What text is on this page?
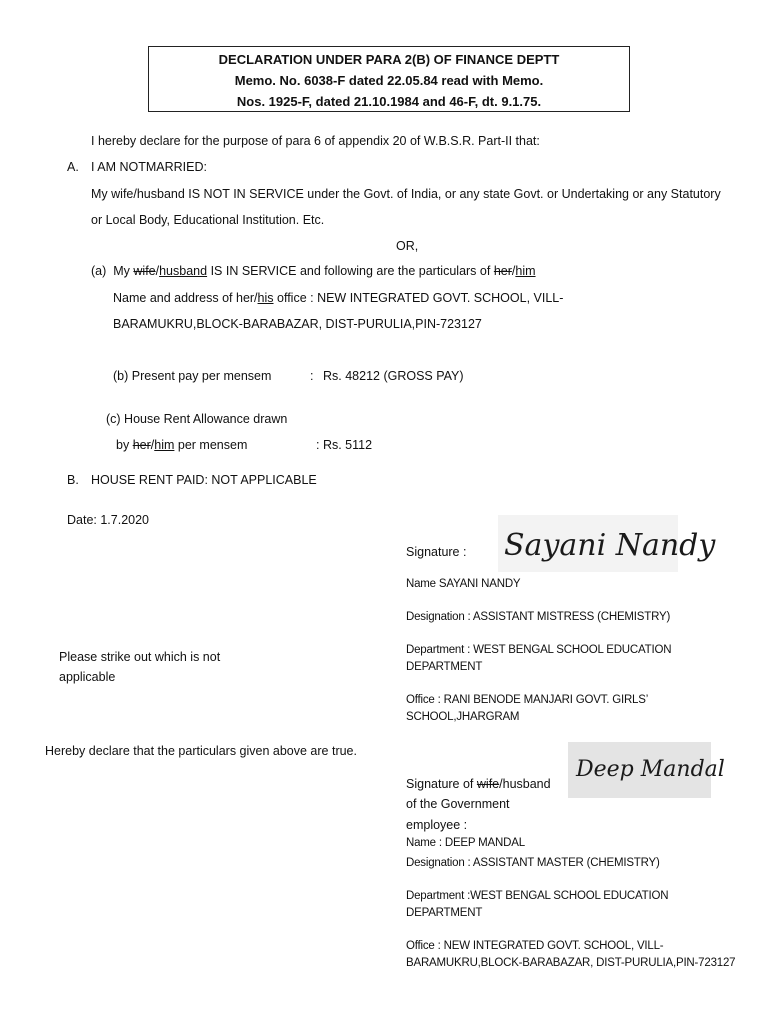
DECLARATION UNDER PARA 2(B) OF FINANCE DEPTT
Memo. No. 6038-F dated 22.05.84 read with Memo.
Nos. 1925-F, dated 21.10.1984 and 46-F, dt. 9.1.75.
I hereby declare for the purpose of para 6 of appendix 20 of W.B.S.R. Part-II that:
A. I AM NOTMARRIED:
My wife/husband IS NOT IN SERVICE under the Govt. of India, or any state Govt. or Undertaking or any Statutory
or Local Body, Educational Institution. Etc.
OR,
(a) My wife/husband IS IN SERVICE and following are the particulars of her/him
Name and address of her/his office : NEW INTEGRATED GOVT. SCHOOL, VILL-
BARAMUKRU,BLOCK-BARABAZAR, DIST-PURULIA,PIN-723127
(b) Present pay per mensem	: Rs. 48212 (GROSS PAY)
(c) House Rent Allowance drawn
by her/him per mensem	: Rs. 5112
B. HOUSE RENT PAID: NOT APPLICABLE
Date: 1.7.2020
Signature : Sayani Nandy
Name SAYANI NANDY
Designation : ASSISTANT MISTRESS (CHEMISTRY)
Department : WEST BENGAL SCHOOL EDUCATION
DEPARTMENT
Office : RANI BENODE MANJARI GOVT. GIRLS’
SCHOOL,JHARGRAM
Please strike out which is not
applicable
Hereby declare that the particulars given above are true.
Signature of wife/husband
of the Government
employee :
Deep Mandal
Name : DEEP MANDAL
Designation : ASSISTANT MASTER (CHEMISTRY)
Department :WEST BENGAL SCHOOL EDUCATION
DEPARTMENT
Office : NEW INTEGRATED GOVT. SCHOOL, VILL-
BARAMUKRU,BLOCK-BARABAZAR, DIST-PURULIA,PIN-723127
